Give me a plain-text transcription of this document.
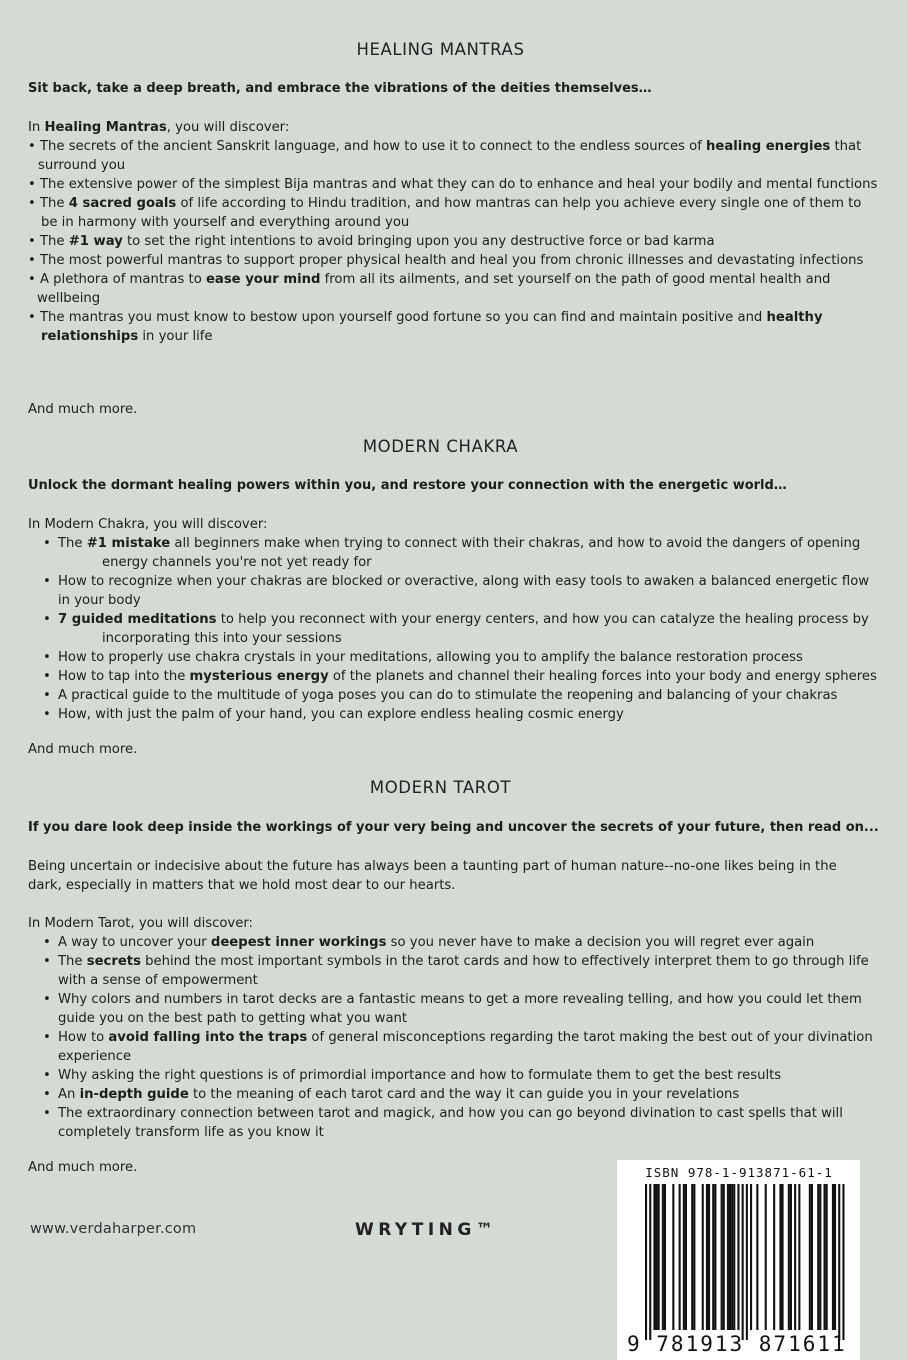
HEALING MANTRAS
Sit back, take a deep breath, and embrace the vibrations of the deities themselves…
In Healing Mantras, you will discover:
• The secrets of the ancient Sanskrit language, and how to use it to connect to the endless sources of healing energies that surround you
• The extensive power of the simplest Bija mantras and what they can do to enhance and heal your bodily and mental functions
• The 4 sacred goals of life according to Hindu tradition, and how mantras can help you achieve every single one of them to be in harmony with yourself and everything around you
• The #1 way to set the right intentions to avoid bringing upon you any destructive force or bad karma
• The most powerful mantras to support proper physical health and heal you from chronic illnesses and devastating infections
• A plethora of mantras to ease your mind from all its ailments, and set yourself on the path of good mental health and wellbeing
• The mantras you must know to bestow upon yourself good fortune so you can find and maintain positive and healthy relationships in your life
And much more.
MODERN CHAKRA
Unlock the dormant healing powers within you, and restore your connection with the energetic world…
In Modern Chakra, you will discover:
• The #1 mistake all beginners make when trying to connect with their chakras, and how to avoid the dangers of opening
energy channels you're not yet ready for
• How to recognize when your chakras are blocked or overactive, along with easy tools to awaken a balanced energetic flow in your body
• 7 guided meditations to help you reconnect with your energy centers, and how you can catalyze the healing process by
incorporating this into your sessions
• How to properly use chakra crystals in your meditations, allowing you to amplify the balance restoration process
• How to tap into the mysterious energy of the planets and channel their healing forces into your body and energy spheres
• A practical guide to the multitude of yoga poses you can do to stimulate the reopening and balancing of your chakras
• How, with just the palm of your hand, you can explore endless healing cosmic energy
And much more.
MODERN TAROT
If you dare look deep inside the workings of your very being and uncover the secrets of your future, then read on...
Being uncertain or indecisive about the future has always been a taunting part of human nature--no-one likes being in the dark, especially in matters that we hold most dear to our hearts.
In Modern Tarot, you will discover:
• A way to uncover your deepest inner workings so you never have to make a decision you will regret ever again
• The secrets behind the most important symbols in the tarot cards and how to effectively interpret them to go through life with a sense of empowerment
• Why colors and numbers in tarot decks are a fantastic means to get a more revealing telling, and how you could let them guide you on the best path to getting what you want
• How to avoid falling into the traps of general misconceptions regarding the tarot making the best out of your divination experience
• Why asking the right questions is of primordial importance and how to formulate them to get the best results
• An in-depth guide to the meaning of each tarot card and the way it can guide you in your revelations
• The extraordinary connection between tarot and magick, and how you can go beyond divination to cast spells that will completely transform life as you know it
And much more.
www.verdaharper.com	WRYTING™
ISBN 978-1-913871-61-1
9 781913 871611
